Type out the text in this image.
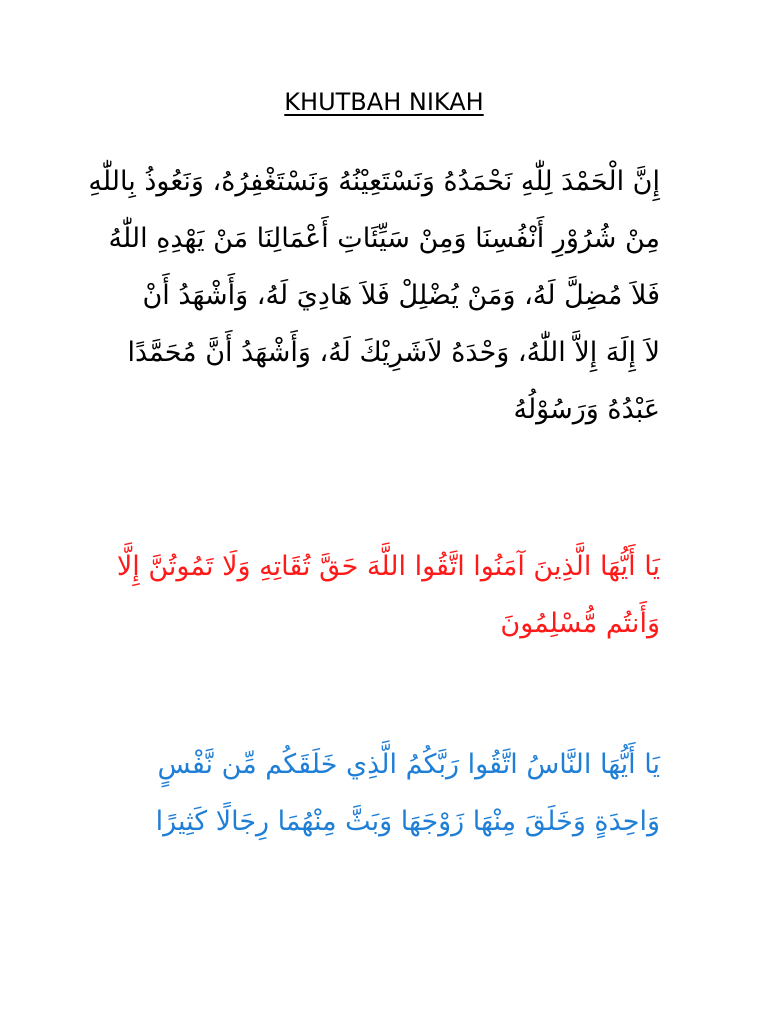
KHUTBAH NIKAH
إِنَّ الْحَمْدَ لِلّٰهِ نَحْمَدُهُ وَنَسْتَعِيْنُهُ وَنَسْتَغْفِرُهُ، وَنَعُوذُ بِاللّٰهِ
مِنْ شُرُوْرِ أَنْفُسِنَا وَمِنْ سَيِّئَاتِ أَعْمَالِنَا مَنْ يَهْدِهِ اللّٰهُ
فَلاَ مُضِلَّ لَهُ، وَمَنْ يُضْلِلْ فَلاَ هَادِيَ لَهُ، وَأَشْهَدُ أَنْ
لاَ إِلَهَ إِلاَّ اللّٰهُ، وَحْدَهُ لاَشَرِيْكَ لَهُ، وَأَشْهَدُ أَنَّ مُحَمَّدًا
عَبْدُهُ وَرَسُوْلُهُ
يَا أَيُّهَا الَّذِينَ آمَنُوا اتَّقُوا اللَّهَ حَقَّ تُقَاتِهِ وَلَا تَمُوتُنَّ إِلَّا
وَأَنتُم مُّسْلِمُونَ
يَا أَيُّهَا النَّاسُ اتَّقُوا رَبَّكُمُ الَّذِي خَلَقَكُم مِّن نَّفْسٍ
وَاحِدَةٍ وَخَلَقَ مِنْهَا زَوْجَهَا وَبَثَّ مِنْهُمَا رِجَالًا كَثِيرًا
